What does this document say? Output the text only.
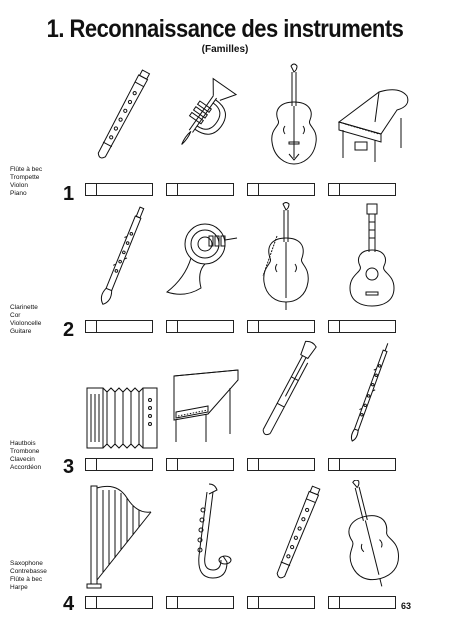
1. Reconnaissance des instruments
(Familles)
Flûte à bec
Trompette
Violon
Piano	1
Clarinette
Cor
Violoncelle
Guitare	2
Hautbois
Trombone
Clavecin
Accordéon 3
Saxophone
Contrebasse
Flûte à bec
Harpe
4	63
